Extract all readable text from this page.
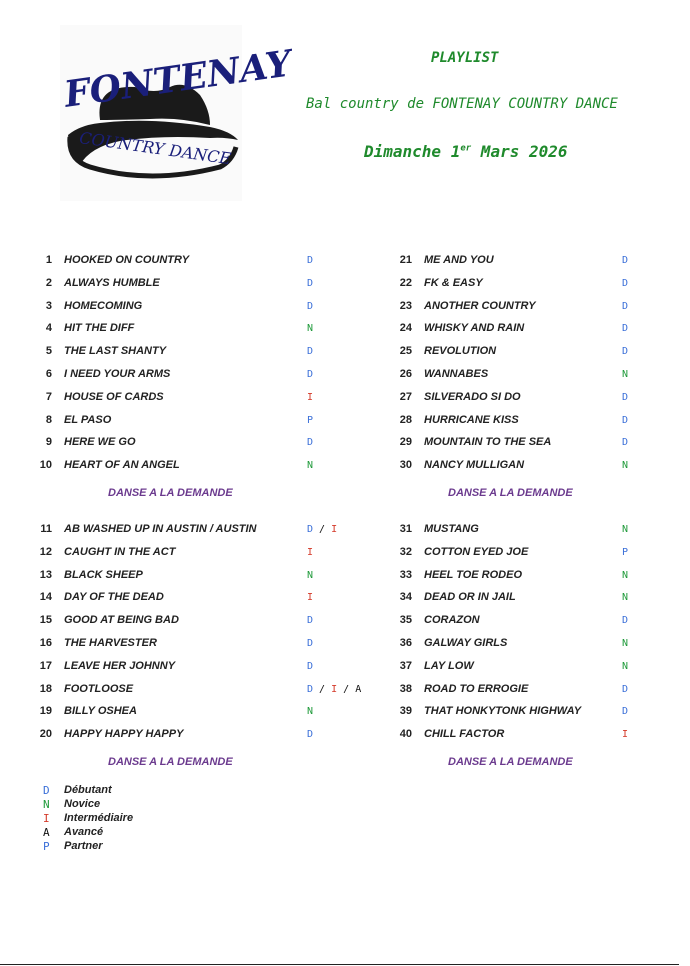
FONTENAY
COUNTRY DANCE
PLAYLIST
Bal country de FONTENAY COUNTRY DANCE
Dimanche 1er Mars 2026
1 HOOKED ON COUNTRY	D
2 ALWAYS HUMBLE	D
3 HOMECOMING	D
4 HIT THE DIFF	N
5 THE LAST SHANTY	D
6 I NEED YOUR ARMS	D
7 HOUSE OF CARDS	I
8 EL PASO	P
9 HERE WE GO	D
10 HEART OF AN ANGEL	N
21 ME AND YOU	D
22 FK & EASY	D
23 ANOTHER COUNTRY	D
24 WHISKY AND RAIN	D
25 REVOLUTION	D
26 WANNABES	N
27 SILVERADO SI DO	D
28 HURRICANE KISS	D
29 MOUNTAIN TO THE SEA	D
30 NANCY MULLIGAN	N
DANSE A LA DEMANDE	DANSE A LA DEMANDE
11 AB WASHED UP IN AUSTIN / AUSTIN	D / I
12 CAUGHT IN THE ACT	I
13 BLACK SHEEP	N
14 DAY OF THE DEAD	I
15 GOOD AT BEING BAD	D
16 THE HARVESTER	D
17 LEAVE HER JOHNNY	D
18 FOOTLOOSE	D / I / A
19 BILLY OSHEA	N
20 HAPPY HAPPY HAPPY	D
31 MUSTANG	N
32 COTTON EYED JOE	P
33 HEEL TOE RODEO	N
34 DEAD OR IN JAIL	N
35 CORAZON	D
36 GALWAY GIRLS	N
37 LAY LOW	N
38 ROAD TO ERROGIE	D
39 THAT HONKYTONK HIGHWAY	D
40 CHILL FACTOR	I
DANSE A LA DEMANDE	DANSE A LA DEMANDE
D Débutant
N Novice
I Intermédiaire
A Avancé
P Partner
